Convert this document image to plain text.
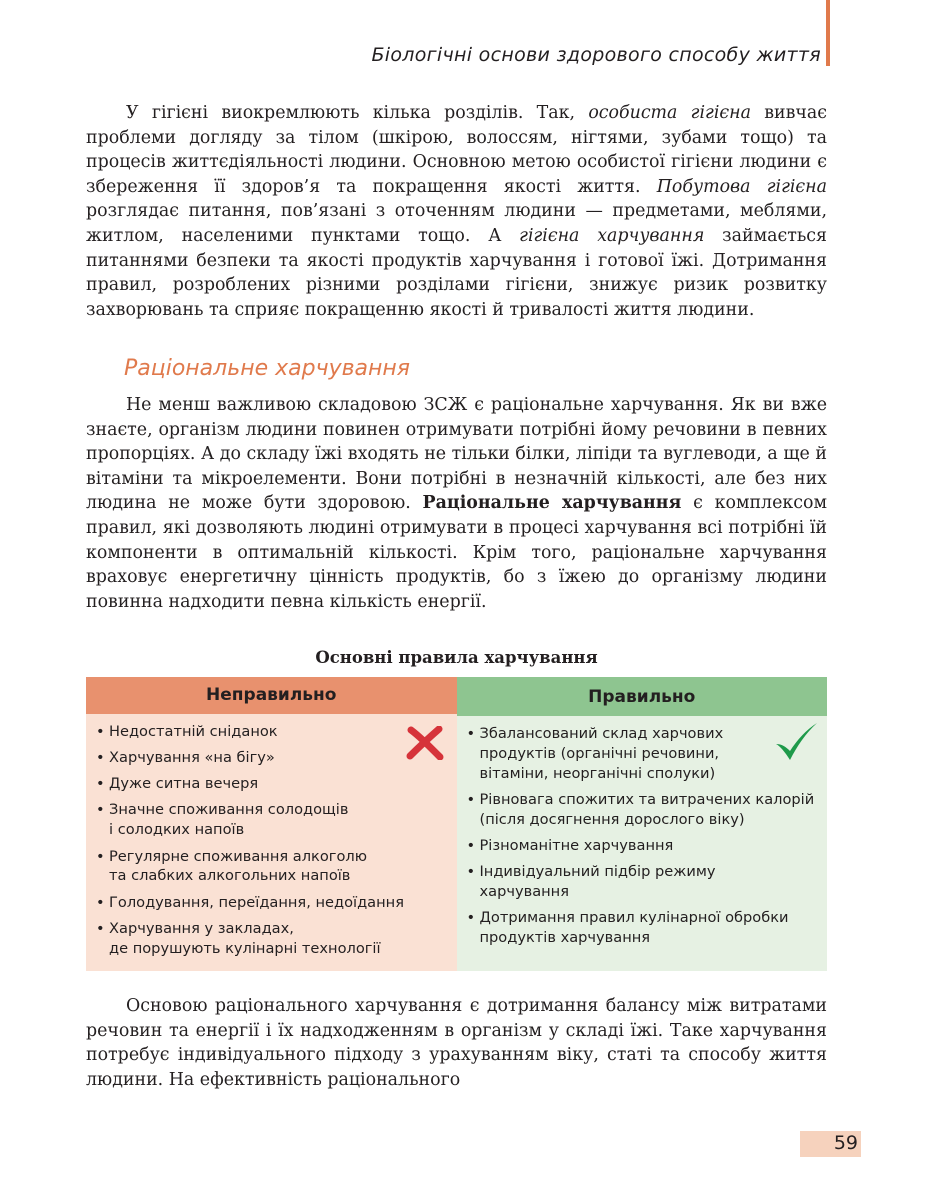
Біологічні основи здорового способу життя

У гігієні виокремлюють кілька розділів. Так, особиста гігієна вивчає проблеми догляду за тілом (шкірою, волоссям, нігтями, зубами тощо) та процесів життєдіяльності людини. Основною метою особистої гігієни людини є збереження її здоров’я та покращення якості життя. Побутова гігієна розглядає питання, пов’язані з оточенням людини — предметами, меблями, житлом, населеними пунктами тощо. А гігієна харчування займається питаннями безпеки та якості продуктів харчування і готової їжі. Дотримання правил, розроблених різними розділами гігієни, знижує ризик розвитку захворювань та сприяє покращенню якості й тривалості життя людини.

Раціональне харчування

Не менш важливою складовою ЗСЖ є раціональне харчування. Як ви вже знаєте, організм людини повинен отримувати потрібні йому речовини в певних пропорціях. А до складу їжі входять не тільки білки, ліпіди та вуглеводи, а ще й вітаміни та мікроелементи. Вони потрібні в незначній кількості, але без них людина не може бути здоровою. Раціональне харчування є комплексом правил, які дозволяють людині отримувати в процесі харчування всі потрібні їй компоненти в оптимальній кількості. Крім того, раціональне харчування враховує енергетичну цінність продуктів, бо з їжею до організму людини повинна надходити певна кількість енергії.

Основні правила харчування

Неправильно
• Недостатній сніданок
• Харчування «на бігу»
• Дуже ситна вечеря
• Значне споживання солодощів
і солодких напоїв
• Регулярне споживання алкоголю
та слабких алкогольних напоїв
• Голодування, переїдання, недоїдання
• Харчування у закладах,
де порушують кулінарні технології
Правильно
• Збалансований склад харчових
продуктів (органічні речовини,
вітаміни, неорганічні сполуки)
• Рівновага спожитих та витрачених калорій
(після досягнення дорослого віку)
• Різноманітне харчування
• Індивідуальний підбір режиму
харчування
• Дотримання правил кулінарної обробки
продуктів харчування

Основою раціонального харчування є дотримання балансу між витратами речовин та енергії і їх надходженням в організм у складі їжі. Таке харчування потребує індивідуального підходу з урахуванням віку, статі та способу життя людини. На ефективність раціонального

59
